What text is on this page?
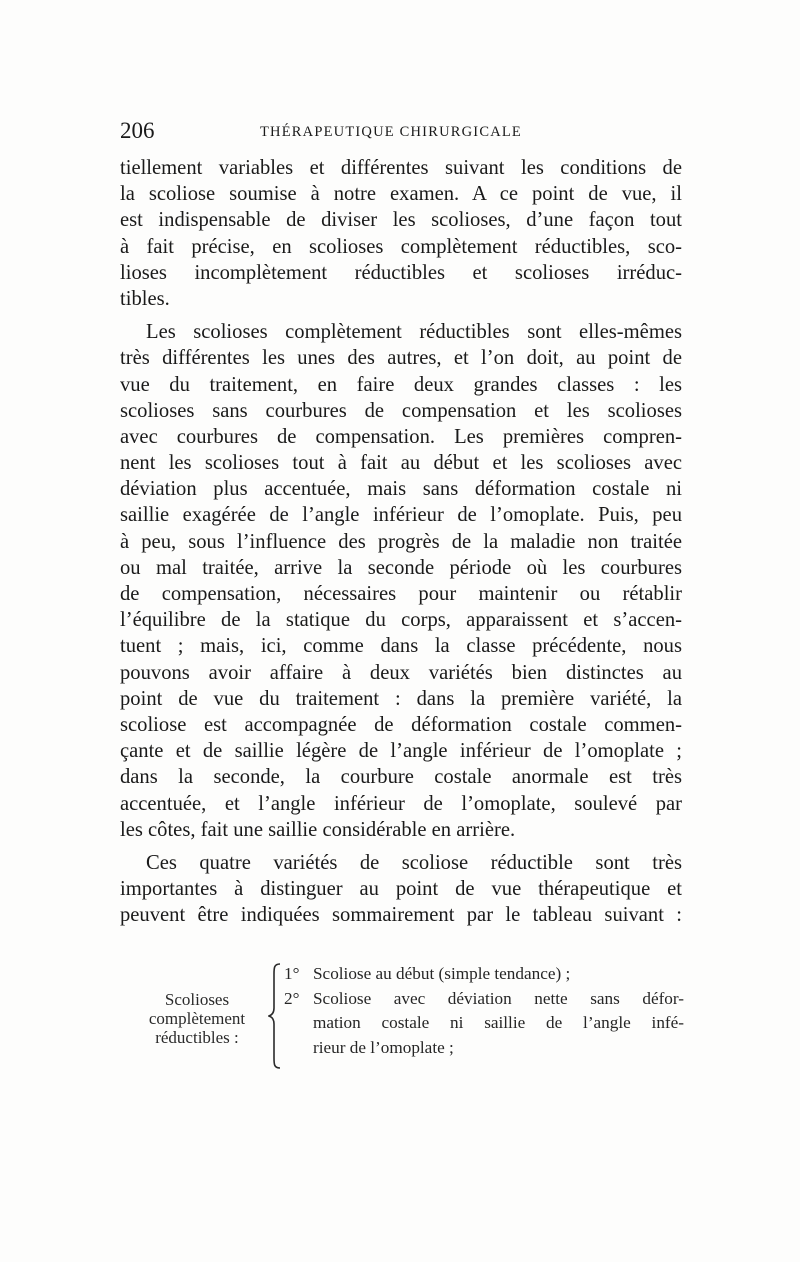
206	THÉRAPEUTIQUE CHIRURGICALE
tiellement variables et différentes suivant les conditions de
la scoliose soumise à notre examen. A ce point de vue, il
est indispensable de diviser les scolioses, d’une façon tout
à fait précise, en scolioses complètement réductibles, sco-
lioses incomplètement réductibles et scolioses irréduc-
tibles.
Les scolioses complètement réductibles sont elles-mêmes
très différentes les unes des autres, et l’on doit, au point de
vue du traitement, en faire deux grandes classes : les
scolioses sans courbures de compensation et les scolioses
avec courbures de compensation. Les premières compren-
nent les scolioses tout à fait au début et les scolioses avec
déviation plus accentuée, mais sans déformation costale ni
saillie exagérée de l’angle inférieur de l’omoplate. Puis, peu
à peu, sous l’influence des progrès de la maladie non traitée
ou mal traitée, arrive la seconde période où les courbures
de compensation, nécessaires pour maintenir ou rétablir
l’équilibre de la statique du corps, apparaissent et s’accen-
tuent ; mais, ici, comme dans la classe précédente, nous
pouvons avoir affaire à deux variétés bien distinctes au
point de vue du traitement : dans la première variété, la
scoliose est accompagnée de déformation costale commen-
çante et de saillie légère de l’angle inférieur de l’omoplate ;
dans la seconde, la courbure costale anormale est très
accentuée, et l’angle inférieur de l’omoplate, soulevé par
les côtes, fait une saillie considérable en arrière.
Ces quatre variétés de scoliose réductible sont très
importantes à distinguer au point de vue thérapeutique et
peuvent être indiquées sommairement par le tableau suivant :
Scolioses
complètement
réductibles :
1° Scoliose au début (simple tendance) ;
2° Scoliose avec déviation nette sans défor-
mation costale ni saillie de l’angle infé-
rieur de l’omoplate ;
